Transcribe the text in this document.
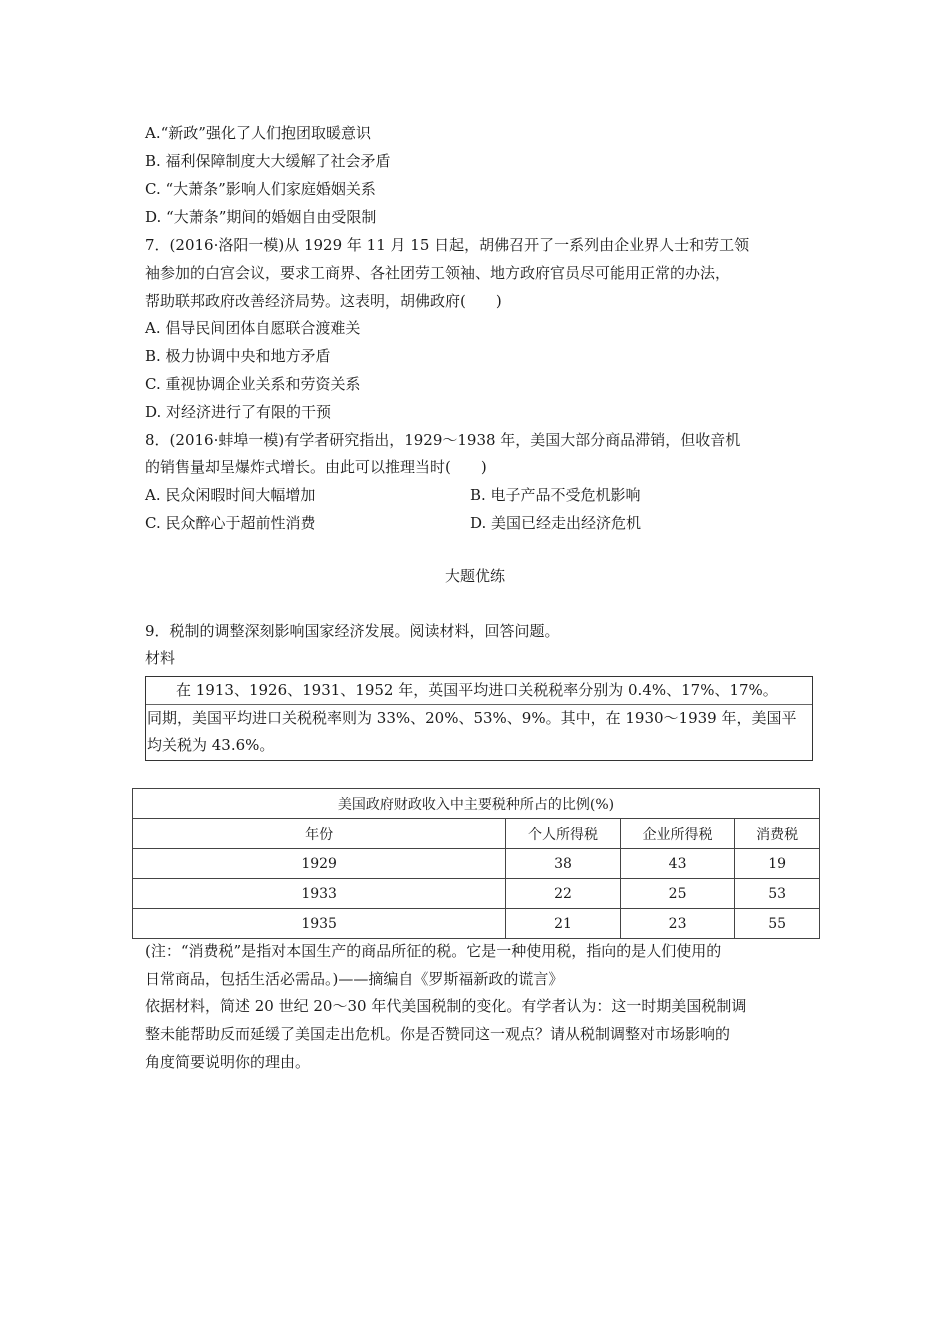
A.“新政”强化了人们抱团取暖意识
B. 福利保障制度大大缓解了社会矛盾
C. “大萧条”影响人们家庭婚姻关系
D. “大萧条”期间的婚姻自由受限制
7．(2016·洛阳一模)从 1929 年 11 月 15 日起，胡佛召开了一系列由企业界人士和劳工领
袖参加的白宫会议，要求工商界、各社团劳工领袖、地方政府官员尽可能用正常的办法，
帮助联邦政府改善经济局势。这表明，胡佛政府(　　)
A. 倡导民间团体自愿联合渡难关
B. 极力协调中央和地方矛盾
C. 重视协调企业关系和劳资关系
D. 对经济进行了有限的干预
8．(2016·蚌埠一模)有学者研究指出，1929～1938 年，美国大部分商品滞销，但收音机
的销售量却呈爆炸式增长。由此可以推理当时(　　)
A. 民众闲暇时间大幅增加	B. 电子产品不受危机影响
C. 民众醉心于超前性消费	D. 美国已经走出经济危机
大题优练
9．税制的调整深刻影响国家经济发展。阅读材料，回答问题。
材料
在 1913、1926、1931、1952 年，英国平均进口关税税率分别为 0.4%、17%、17%。
同期，美国平均进口关税税率则为 33%、20%、53%、9%。其中，在 1930～1939 年，美国平
均关税为 43.6%。
美国政府财政收入中主要税种所占的比例(%)			
年份	个人所得税	企业所得税	消费税
1929	38	43	19
1933	22	25	53
1935	21	23	55
(注：“消费税”是指对本国生产的商品所征的税。它是一种使用税，指向的是人们使用的
日常商品，包括生活必需品。)——摘编自《罗斯福新政的谎言》
依据材料，简述 20 世纪 20～30 年代美国税制的变化。有学者认为：这一时期美国税制调
整未能帮助反而延缓了美国走出危机。你是否赞同这一观点？请从税制调整对市场影响的
角度简要说明你的理由。
